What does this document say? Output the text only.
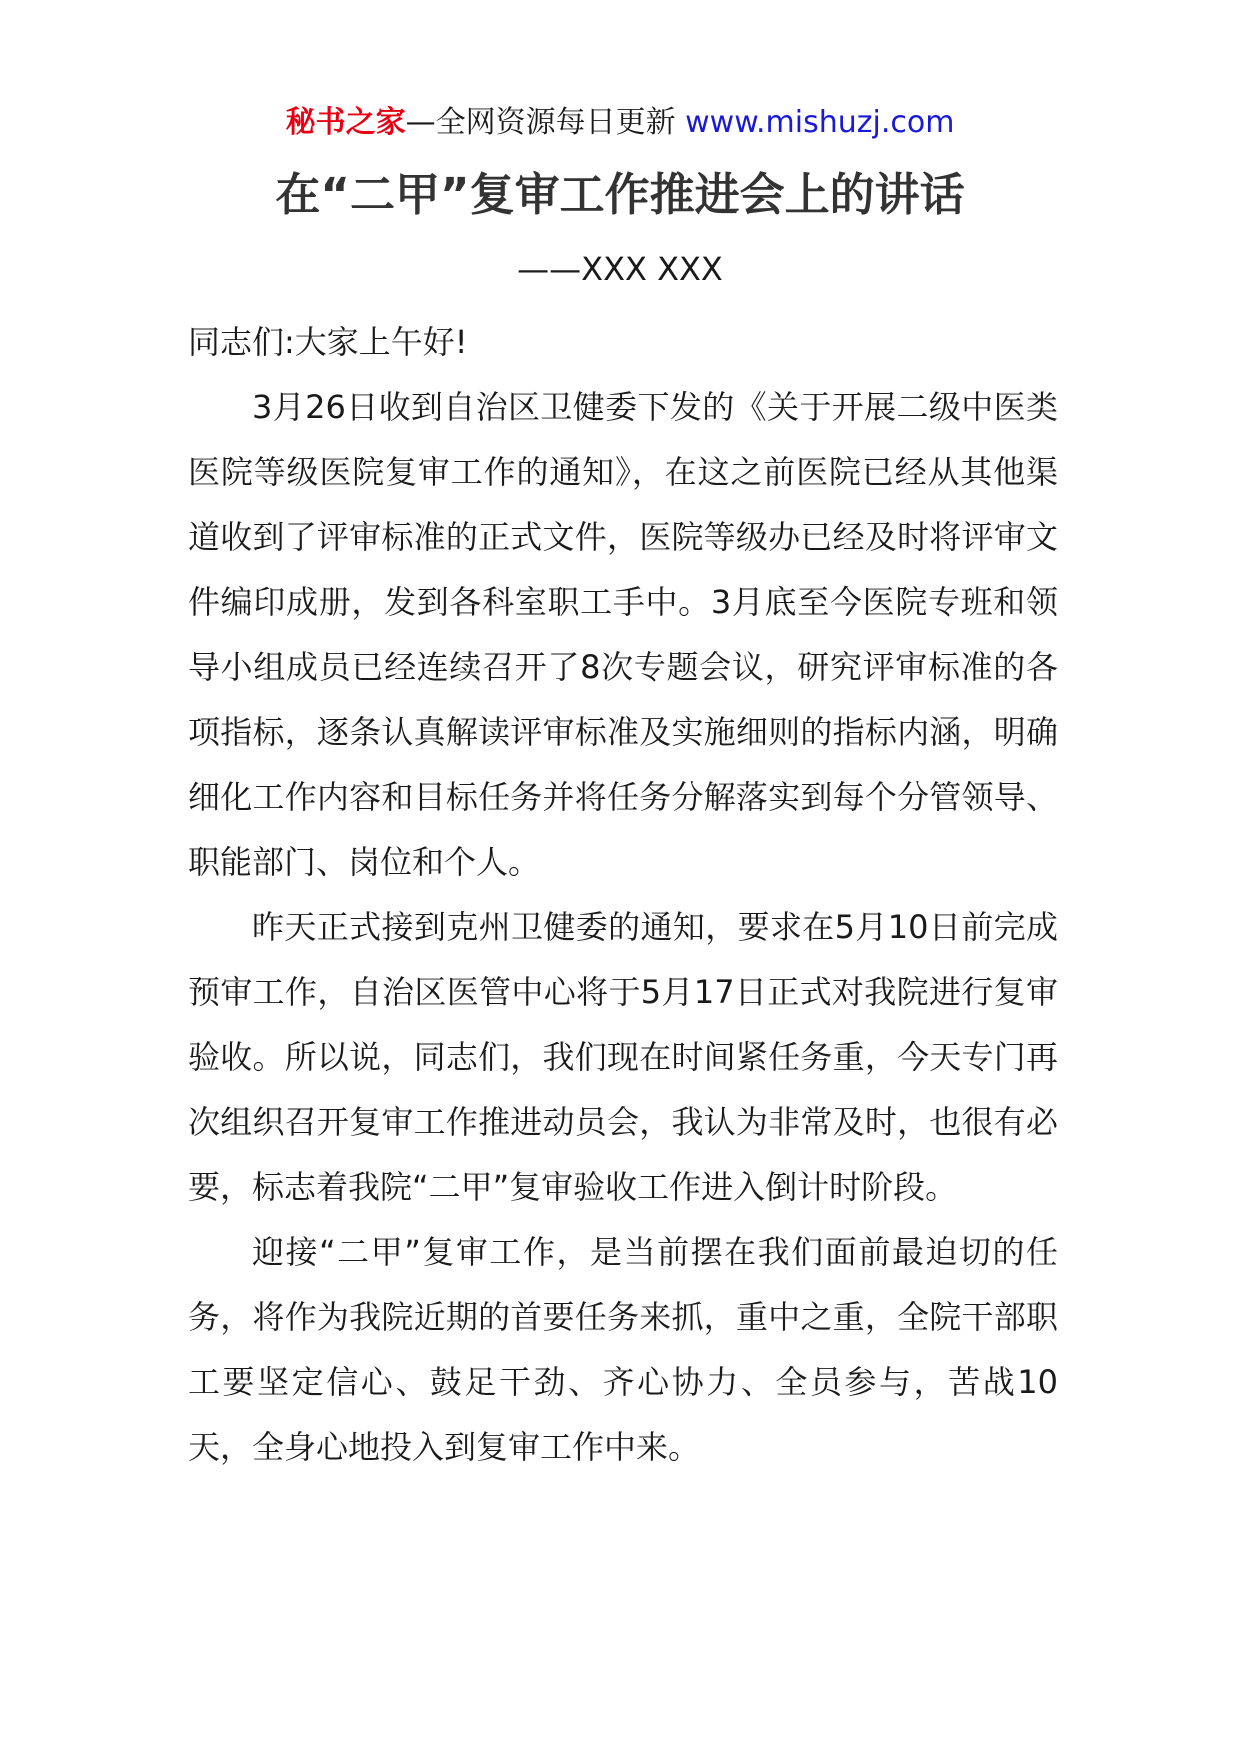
秘书之家—全网资源每日更新 www.mishuzj.com
在“二甲”复审工作推进会上的讲话
——XXX XXX

同志们:大家上午好!

3月26日收到自治区卫健委下发的《关于开展二级中医类医院等级医院复审工作的通知》，在这之前医院已经从其他渠道收到了评审标准的正式文件，医院等级办已经及时将评审文件编印成册，发到各科室职工手中。3月底至今医院专班和领导小组成员已经连续召开了8次专题会议，研究评审标准的各项指标，逐条认真解读评审标准及实施细则的指标内涵，明确细化工作内容和目标任务并将任务分解落实到每个分管领导、职能部门、岗位和个人。

昨天正式接到克州卫健委的通知，要求在5月10日前完成预审工作，自治区医管中心将于5月17日正式对我院进行复审验收。所以说，同志们，我们现在时间紧任务重，今天专门再次组织召开复审工作推进动员会，我认为非常及时，也很有必要，标志着我院“二甲”复审验收工作进入倒计时阶段。

迎接“二甲”复审工作，是当前摆在我们面前最迫切的任务，将作为我院近期的首要任务来抓，重中之重，全院干部职工要坚定信心、鼓足干劲、齐心协力、全员参与，苦战10天，全身心地投入到复审工作中来。
